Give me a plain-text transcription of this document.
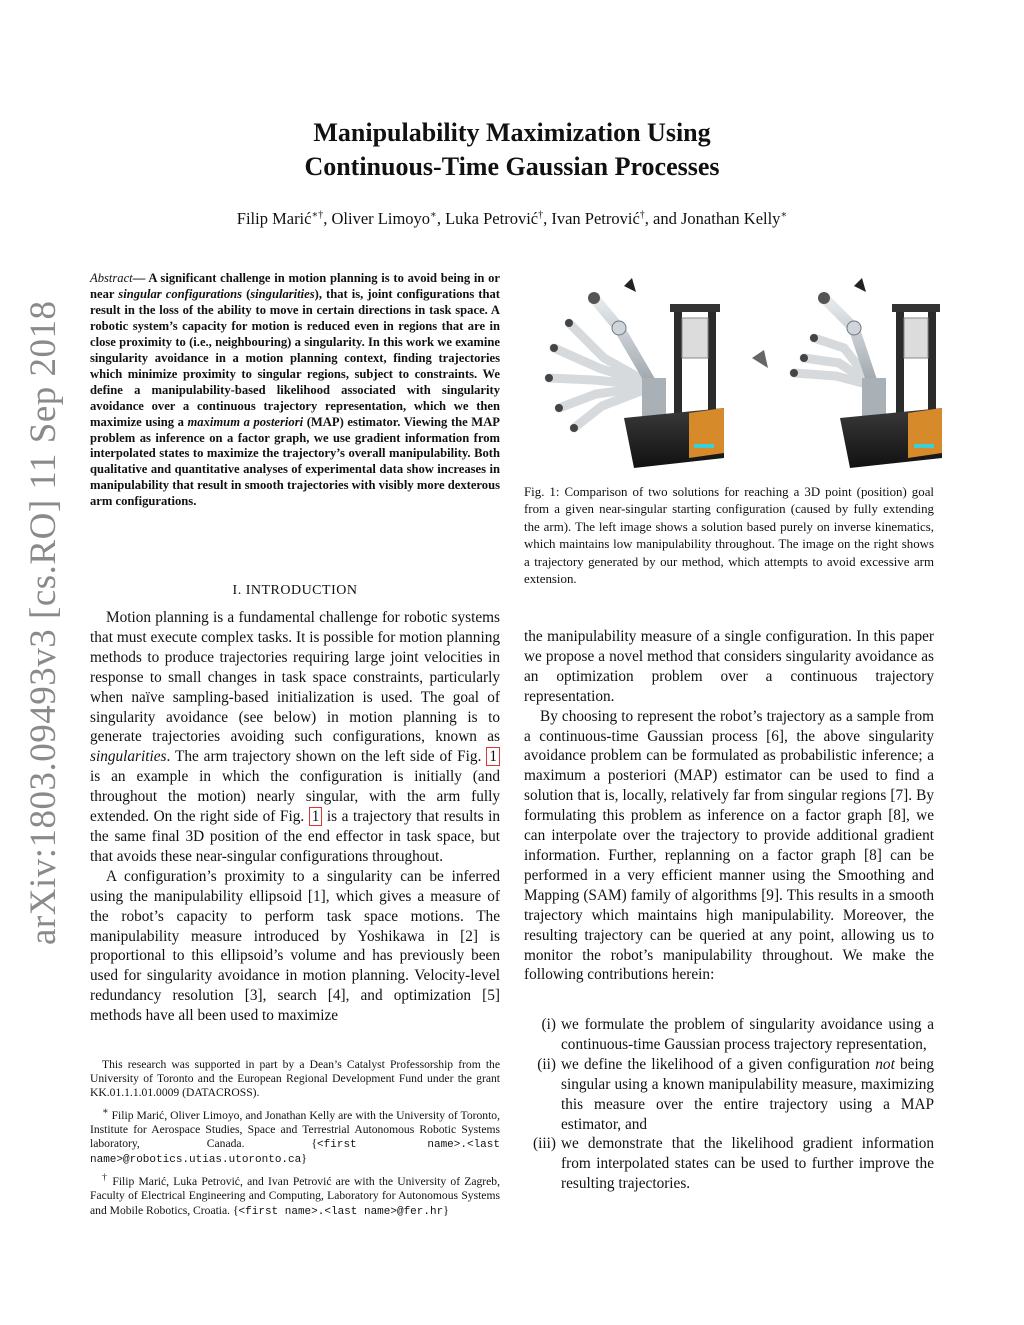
arXiv:1803.09493v3 [cs.RO] 11 Sep 2018
Manipulability Maximization Using
Continuous-Time Gaussian Processes
Filip Marić∗†, Oliver Limoyo∗, Luka Petrović†, Ivan Petrović†, and Jonathan Kelly∗
Abstract— A significant challenge in motion planning is to avoid being in or near singular configurations (singularities), that is, joint configurations that result in the loss of the ability to move in certain directions in task space. A robotic system’s capacity for motion is reduced even in regions that are in close proximity to (i.e., neighbouring) a singularity. In this work we examine singularity avoidance in a motion planning context, finding trajectories which minimize proximity to singular regions, subject to constraints. We define a manipulability-based likelihood associated with singularity avoidance over a continuous trajectory representation, which we then maximize using a maximum a posteriori (MAP) estimator. Viewing the MAP problem as inference on a factor graph, we use gradient information from interpolated states to maximize the trajectory’s overall manipulability. Both qualitative and quantitative analyses of experimental data show increases in manipulability that result in smooth trajectories with visibly more dexterous arm configurations.
I. INTRODUCTION

Motion planning is a fundamental challenge for robotic systems that must execute complex tasks. It is possible for motion planning methods to produce trajectories requiring large joint velocities in response to small changes in task space constraints, particularly when naïve sampling-based initialization is used. The goal of singularity avoidance (see below) in motion planning is to generate trajectories avoiding such configurations, known as singularities. The arm trajectory shown on the left side of Fig. 1 is an example in which the configuration is initially (and throughout the motion) nearly singular, with the arm fully extended. On the right side of Fig. 1 is a trajectory that results in the same final 3D position of the end effector in task space, but that avoids these near-singular configurations throughout.

A configuration’s proximity to a singularity can be inferred using the manipulability ellipsoid [1], which gives a measure of the robot’s capacity to perform task space motions. The manipulability measure introduced by Yoshikawa in [2] is proportional to this ellipsoid’s volume and has previously been used for singularity avoidance in motion planning. Velocity-level redundancy resolution [3], search [4], and optimization [5] methods have all been used to maximize

This research was supported in part by a Dean’s Catalyst Professorship from the University of Toronto and the European Regional Development Fund under the grant KK.01.1.1.01.0009 (DATACROSS).

∗ Filip Marić, Oliver Limoyo, and Jonathan Kelly are with the University of Toronto, Institute for Aerospace Studies, Space and Terrestrial Autonomous Robotic Systems laboratory, Canada. {<first name>.<last name>@robotics.utias.utoronto.ca}

† Filip Marić, Luka Petrović, and Ivan Petrović are with the University of Zagreb, Faculty of Electrical Engineering and Computing, Laboratory for Autonomous Systems and Mobile Robotics, Croatia. {<first name>.<last name>@fer.hr}

Fig. 1: Comparison of two solutions for reaching a 3D point (position) goal from a given near-singular starting configuration (caused by fully extending the arm). The left image shows a solution based purely on inverse kinematics, which maintains low manipulability throughout. The image on the right shows a trajectory generated by our method, which attempts to avoid excessive arm extension.

the manipulability measure of a single configuration. In this paper we propose a novel method that considers singularity avoidance as an optimization problem over a continuous trajectory representation.

By choosing to represent the robot’s trajectory as a sample from a continuous-time Gaussian process [6], the above singularity avoidance problem can be formulated as probabilistic inference; a maximum a posteriori (MAP) estimator can be used to find a solution that is, locally, relatively far from singular regions [7]. By formulating this problem as inference on a factor graph [8], we can interpolate over the trajectory to provide additional gradient information. Further, replanning on a factor graph [8] can be performed in a very efficient manner using the Smoothing and Mapping (SAM) family of algorithms [9]. This results in a smooth trajectory which maintains high manipulability. Moreover, the resulting trajectory can be queried at any point, allowing us to monitor the robot’s manipulability throughout. We make the following contributions herein:

(i) we formulate the problem of singularity avoidance using a continuous-time Gaussian process trajectory representation,
(ii) we define the likelihood of a given configuration not being singular using a known manipulability measure, maximizing this measure over the entire trajectory using a MAP estimator, and
(iii) we demonstrate that the likelihood gradient information from interpolated states can be used to further improve the resulting trajectories.
